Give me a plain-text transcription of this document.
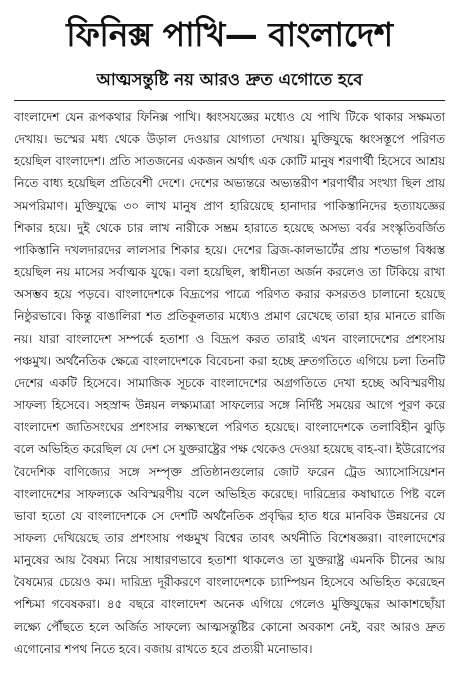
ফিনিক্স পাখি— বাংলাদেশ
আত্মসন্তুষ্টি নয় আরও দ্রুত এগোতে হবে

বাংলাদেশ যেন রূপকথার ফিনিক্স পাখি। ধ্বংসযজ্ঞের মধ্যেও যে পাখি টিকে থাকার সক্ষমতা দেখায়। ভস্মের মধ্য থেকে উড়াল দেওয়ার যোগ্যতা দেখায়। মুক্তিযুদ্ধে ধ্বংসস্তূপে পরিণত হয়েছিল বাংলাদেশ। প্রতি সাতজনের একজন অর্থাৎ এক কোটি মানুষ শরণার্থী হিসেবে আশ্রয় নিতে বাধ্য হয়েছিল প্রতিবেশী দেশে। দেশের অভ্যন্তরে অভ্যন্তরীণ শরণার্থীর সংখ্যা ছিল প্রায় সমপরিমাণ। মুক্তিযুদ্ধে ৩০ লাখ মানুষ প্রাণ হারিয়েছে হানাদার পাকিস্তানিদের হত্যাযজ্ঞের শিকার হয়ে। দুই থেকে চার লাখ নারীকে সম্ভ্রম হারাতে হয়েছে অসভ্য বর্বর সংস্কৃতিবর্জিত পাকিস্তানি দখলদারদের লালসার শিকার হয়ে। দেশের ব্রিজ-কালভার্টের প্রায় শতভাগ বিধ্বস্ত হয়েছিল নয় মাসের সর্বাত্মক যুদ্ধে। বলা হয়েছিল, স্বাধীনতা অর্জন করলেও তা টিকিয়ে রাখা অসম্ভব হয়ে পড়বে। বাংলাদেশকে বিদ্রূপের পাত্রে পরিণত করার কসরতও চালানো হয়েছে নিষ্ঠুরভাবে। কিন্তু বাঙালিরা শত প্রতিকূলতার মধ্যেও প্রমাণ রেখেছে তারা হার মানতে রাজি নয়। যারা বাংলাদেশ সম্পর্কে হতাশা ও বিদ্রূপ করত তারাই এখন বাংলাদেশের প্রশংসায় পঞ্চমুখ। অর্থনৈতিক ক্ষেত্রে বাংলাদেশকে বিবেচনা করা হচ্ছে দ্রুতগতিতে এগিয়ে চলা তিনটি দেশের একটি হিসেবে। সামাজিক সূচকে বাংলাদেশের অগ্রগতিতে দেখা হচ্ছে অবিস্মরণীয় সাফল্য হিসেবে। সহস্রাব্দ উন্নয়ন লক্ষ্যমাত্রা সাফল্যের সঙ্গে নির্দিষ্ট সময়ের আগে পূরণ করে বাংলাদেশ জাতিসংঘের প্রশংসার লক্ষ্যস্থলে পরিণত হয়েছে। বাংলাদেশকে তলাবিহীন ঝুড়ি বলে অভিহিত করেছিল যে দেশ সে যুক্তরাষ্ট্রের পক্ষ থেকেও দেওয়া হয়েছে বাহ-বা। ইউরোপের বৈদেশিক বাণিজ্যের সঙ্গে সম্পৃক্ত প্রতিষ্ঠানগুলোর জোট ফরেন ট্রেড অ্যাসোসিয়েশন বাংলাদেশের সাফল্যকে অবিস্মরণীয় বলে অভিহিত করেছে। দারিদ্র্যের কষাঘাতে পিষ্ট বলে ভাবা হতো যে বাংলাদেশকে সে দেশটি অর্থনৈতিক প্রবৃদ্ধির হাত ধরে মানবিক উন্নয়নের যে সাফল্য দেখিয়েছে তার প্রশংসায় পঞ্চমুখ বিশ্বের তাবৎ অর্থনীতি বিশেষজ্ঞরা। বাংলাদেশের মানুষের আয় বৈষম্য নিয়ে সাধারণভাবে হতাশা থাকলেও তা যুক্তরাষ্ট্র এমনকি চীনের আয় বৈষম্যের চেয়েও কম। দারিদ্র্য দূরীকরণে বাংলাদেশকে চ্যাম্পিয়ন হিসেবে অভিহিত করেছেন পশ্চিমা গবেষকরা। ৪৫ বছরে বাংলাদেশ অনেক এগিয়ে গেলেও মুক্তিযুদ্ধের আকাশছোঁয়া লক্ষ্যে পৌঁছতে হলে অর্জিত সাফল্যে আত্মসন্তুষ্টির কোনো অবকাশ নেই, বরং আরও দ্রুত এগোনোর শপথ নিতে হবে। বজায় রাখতে হবে প্রত্যয়ী মনোভাব।
